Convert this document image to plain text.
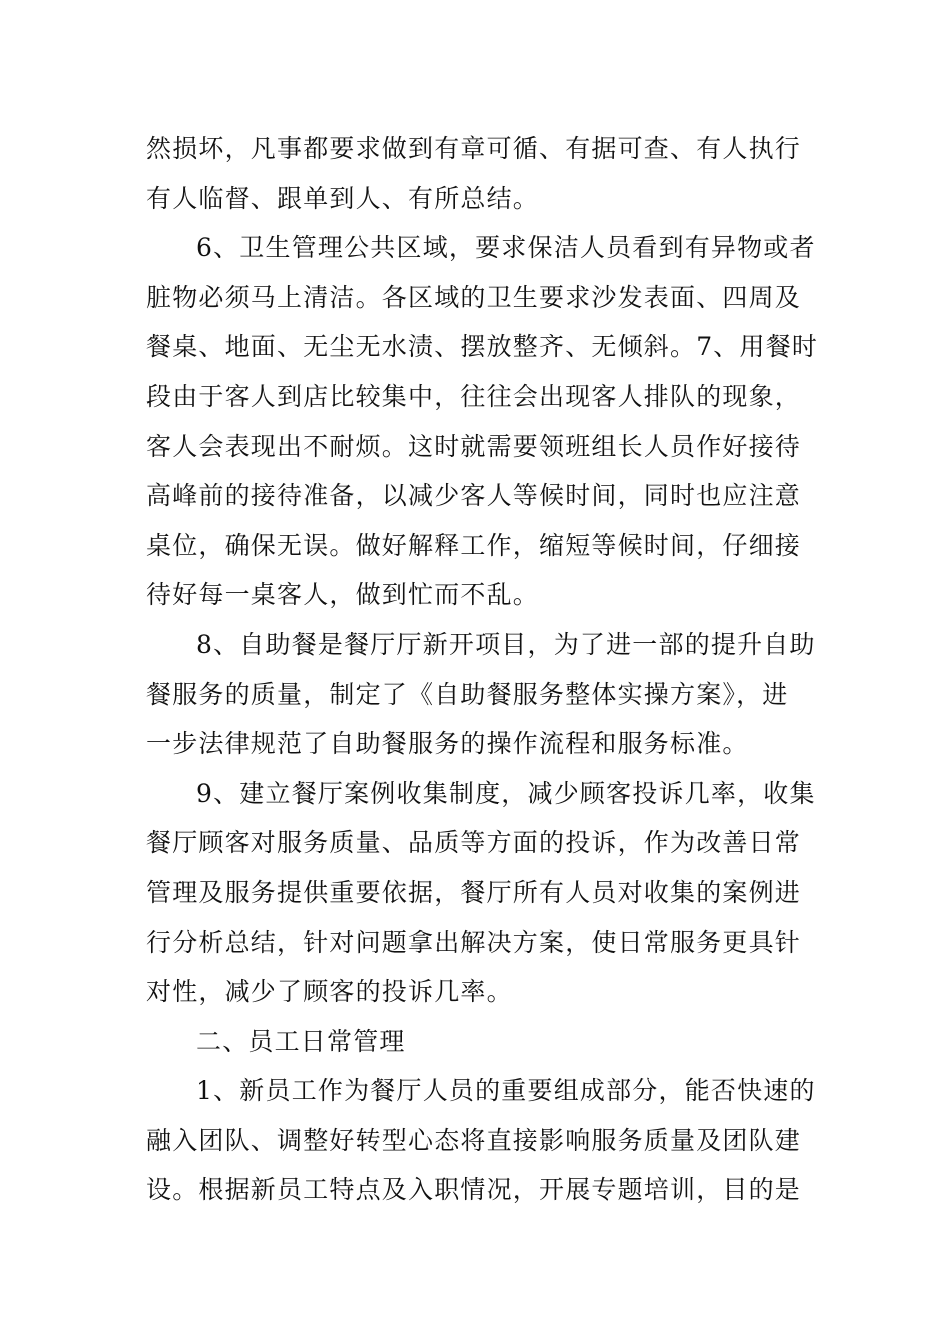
然损坏，凡事都要求做到有章可循、有据可查、有人执行
有人临督、跟单到人、有所总结。
6、卫生管理公共区域，要求保洁人员看到有异物或者
脏物必须马上清洁。各区域的卫生要求沙发表面、四周及
餐桌、地面、无尘无水渍、摆放整齐、无倾斜。7、用餐时
段由于客人到店比较集中，往往会出现客人排队的现象，
客人会表现出不耐烦。这时就需要领班组长人员作好接待
高峰前的接待准备，以减少客人等候时间，同时也应注意
桌位，确保无误。做好解释工作，缩短等候时间，仔细接
待好每一桌客人，做到忙而不乱。
8、自助餐是餐厅厅新开项目，为了进一部的提升自助
餐服务的质量，制定了《自助餐服务整体实操方案》，进
一步法律规范了自助餐服务的操作流程和服务标准。
9、建立餐厅案例收集制度，减少顾客投诉几率，收集
餐厅顾客对服务质量、品质等方面的投诉，作为改善日常
管理及服务提供重要依据，餐厅所有人员对收集的案例进
行分析总结，针对问题拿出解决方案，使日常服务更具针
对性，减少了顾客的投诉几率。
二、员工日常管理
1、新员工作为餐厅人员的重要组成部分，能否快速的
融入团队、调整好转型心态将直接影响服务质量及团队建
设。根据新员工特点及入职情况，开展专题培训，目的是
